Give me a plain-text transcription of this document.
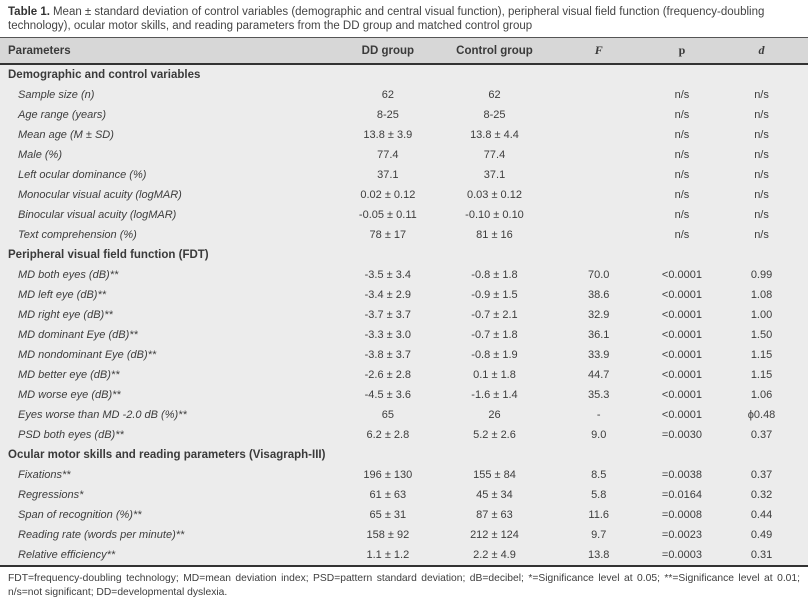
Table 1. Mean ± standard deviation of control variables (demographic and central visual function), peripheral visual field function (frequency-doubling technology), ocular motor skills, and reading parameters from the DD group and matched control group
Parameters	DD group	Control group	F	p	d
Demographic and control variables					
Sample size (n)	62	62		n/s	n/s
Age range (years)	8-25	8-25		n/s	n/s
Mean age (M ± SD)	13.8 ± 3.9	13.8 ± 4.4		n/s	n/s
Male (%)	77.4	77.4		n/s	n/s
Left ocular dominance (%)	37.1	37.1		n/s	n/s
Monocular visual acuity (logMAR)	0.02 ± 0.12	0.03 ± 0.12		n/s	n/s
Binocular visual acuity (logMAR)	-0.05 ± 0.11	-0.10 ± 0.10		n/s	n/s
Text comprehension (%)	78 ± 17	81 ± 16		n/s	n/s
Peripheral visual field function (FDT)					
MD both eyes (dB)**	-3.5 ± 3.4	-0.8 ± 1.8	70.0	<0.0001	0.99
MD left eye (dB)**	-3.4 ± 2.9	-0.9 ± 1.5	38.6	<0.0001	1.08
MD right eye (dB)**	-3.7 ± 3.7	-0.7 ± 2.1	32.9	<0.0001	1.00
MD dominant Eye (dB)**	-3.3 ± 3.0	-0.7 ± 1.8	36.1	<0.0001	1.50
MD nondominant Eye (dB)**	-3.8 ± 3.7	-0.8 ± 1.9	33.9	<0.0001	1.15
MD better eye (dB)**	-2.6 ± 2.8	0.1 ± 1.8	44.7	<0.0001	1.15
MD worse eye (dB)**	-4.5 ± 3.6	-1.6 ± 1.4	35.3	<0.0001	1.06
Eyes worse than MD -2.0 dB (%)**	65	26	-	<0.0001	ϕ0.48
PSD both eyes (dB)**	6.2 ± 2.8	5.2 ± 2.6	9.0	=0.0030	0.37
Ocular motor skills and reading parameters (Visagraph-III)					
Fixations**	196 ± 130	155 ± 84	8.5	=0.0038	0.37
Regressions*	61 ± 63	45 ± 34	5.8	=0.0164	0.32
Span of recognition (%)**	65 ± 31	87 ± 63	11.6	=0.0008	0.44
Reading rate (words per minute)**	158 ± 92	212 ± 124	9.7	=0.0023	0.49
Relative efficiency**	1.1 ± 1.2	2.2 ± 4.9	13.8	=0.0003	0.31
FDT=frequency-doubling technology; MD=mean deviation index; PSD=pattern standard deviation; dB=decibel; *=Significance level at 0.05; **=Significance level at 0.01; n/s=not significant; DD=developmental dyslexia.
